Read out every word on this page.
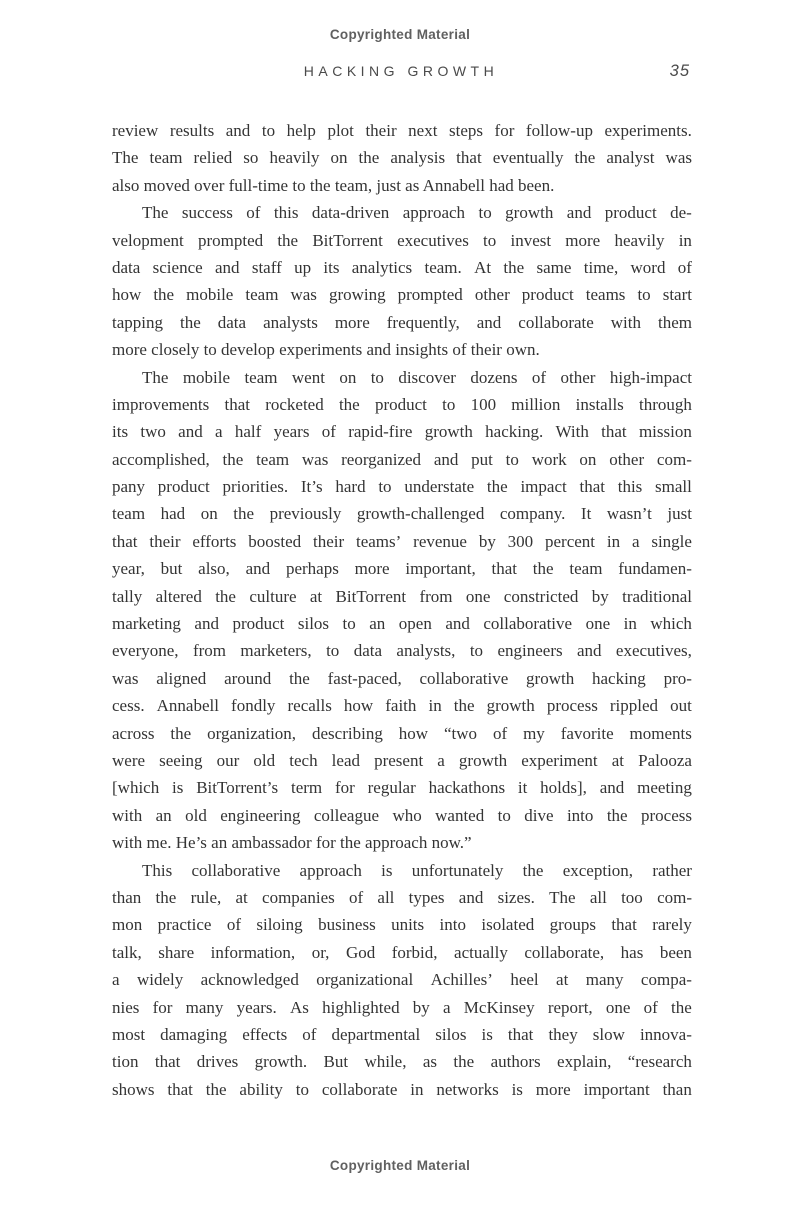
Copyrighted Material
HACKING GROWTH	35
review results and to help plot their next steps for follow-up experiments.
The team relied so heavily on the analysis that eventually the analyst was
also moved over full-time to the team, just as Annabell had been.
The success of this data-driven approach to growth and product de-
velopment prompted the BitTorrent executives to invest more heavily in
data science and staff up its analytics team. At the same time, word of
how the mobile team was growing prompted other product teams to start
tapping the data analysts more frequently, and collaborate with them
more closely to develop experiments and insights of their own.
The mobile team went on to discover dozens of other high-impact
improvements that rocketed the product to 100 million installs through
its two and a half years of rapid-fire growth hacking. With that mission
accomplished, the team was reorganized and put to work on other com-
pany product priorities. It’s hard to understate the impact that this small
team had on the previously growth-challenged company. It wasn’t just
that their efforts boosted their teams’ revenue by 300 percent in a single
year, but also, and perhaps more important, that the team fundamen-
tally altered the culture at BitTorrent from one constricted by traditional
marketing and product silos to an open and collaborative one in which
everyone, from marketers, to data analysts, to engineers and executives,
was aligned around the fast-paced, collaborative growth hacking pro-
cess. Annabell fondly recalls how faith in the growth process rippled out
across the organization, describing how “two of my favorite moments
were seeing our old tech lead present a growth experiment at Palooza
[which is BitTorrent’s term for regular hackathons it holds], and meeting
with an old engineering colleague who wanted to dive into the process
with me. He’s an ambassador for the approach now.”
This collaborative approach is unfortunately the exception, rather
than the rule, at companies of all types and sizes. The all too com-
mon practice of siloing business units into isolated groups that rarely
talk, share information, or, God forbid, actually collaborate, has been
a widely acknowledged organizational Achilles’ heel at many compa-
nies for many years. As highlighted by a McKinsey report, one of the
most damaging effects of departmental silos is that they slow innova-
tion that drives growth. But while, as the authors explain, “research
shows that the ability to collaborate in networks is more important than
Copyrighted Material
